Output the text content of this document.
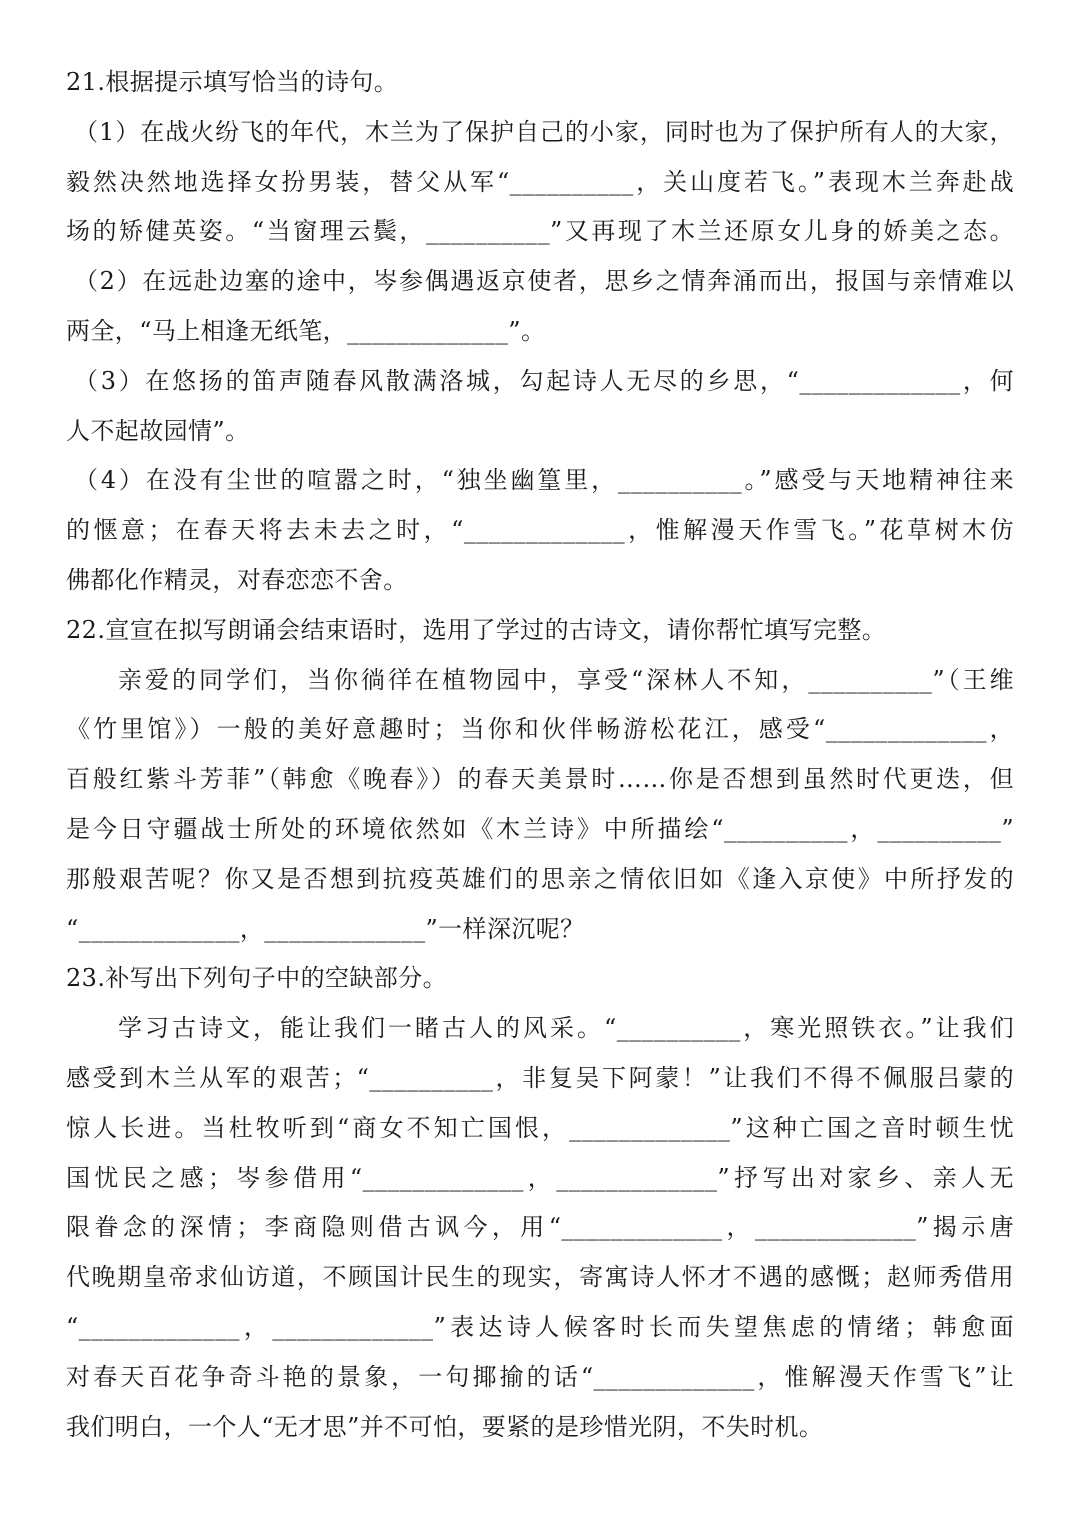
21.根据提示填写恰当的诗句。
（1）在战火纷飞的年代，木兰为了保护自己的小家，同时也为了保护所有人的大家，
毅然决然地选择女扮男装，替父从军“__________，关山度若飞。”表现木兰奔赴战
场的矫健英姿。“当窗理云鬓，__________”又再现了木兰还原女儿身的娇美之态。
（2）在远赴边塞的途中，岑参偶遇返京使者，思乡之情奔涌而出，报国与亲情难以
两全，“马上相逢无纸笔，_____________”。
（3）在悠扬的笛声随春风散满洛城，勾起诗人无尽的乡思，“_____________，何
人不起故园情”。
（4）在没有尘世的喧嚣之时，“独坐幽篁里，__________。”感受与天地精神往来
的惬意；在春天将去未去之时，“_____________，惟解漫天作雪飞。”花草树木仿
佛都化作精灵，对春恋恋不舍。
22.宣宣在拟写朗诵会结束语时，选用了学过的古诗文，请你帮忙填写完整。
亲爱的同学们，当你徜徉在植物园中，享受“深林人不知，__________”（王维
《竹里馆》）一般的美好意趣时；当你和伙伴畅游松花江，感受“_____________，
百般红紫斗芳菲”（韩愈《晚春》）的春天美景时……你是否想到虽然时代更迭，但
是今日守疆战士所处的环境依然如《木兰诗》中所描绘“__________，__________”
那般艰苦呢？你又是否想到抗疫英雄们的思亲之情依旧如《逢入京使》中所抒发的
“_____________，_____________”一样深沉呢？
23.补写出下列句子中的空缺部分。
学习古诗文，能让我们一睹古人的风采。“__________，寒光照铁衣。”让我们
感受到木兰从军的艰苦；“__________，非复吴下阿蒙！”让我们不得不佩服吕蒙的
惊人长进。当杜牧听到“商女不知亡国恨，_____________”这种亡国之音时顿生忧
国忧民之感；岑参借用“_____________，_____________”抒写出对家乡、亲人无
限眷念的深情；李商隐则借古讽今，用“_____________，_____________”揭示唐
代晚期皇帝求仙访道，不顾国计民生的现实，寄寓诗人怀才不遇的感慨；赵师秀借用
“_____________，_____________”表达诗人候客时长而失望焦虑的情绪；韩愈面
对春天百花争奇斗艳的景象，一句揶揄的话“_____________，惟解漫天作雪飞”让
我们明白，一个人“无才思”并不可怕，要紧的是珍惜光阴，不失时机。
